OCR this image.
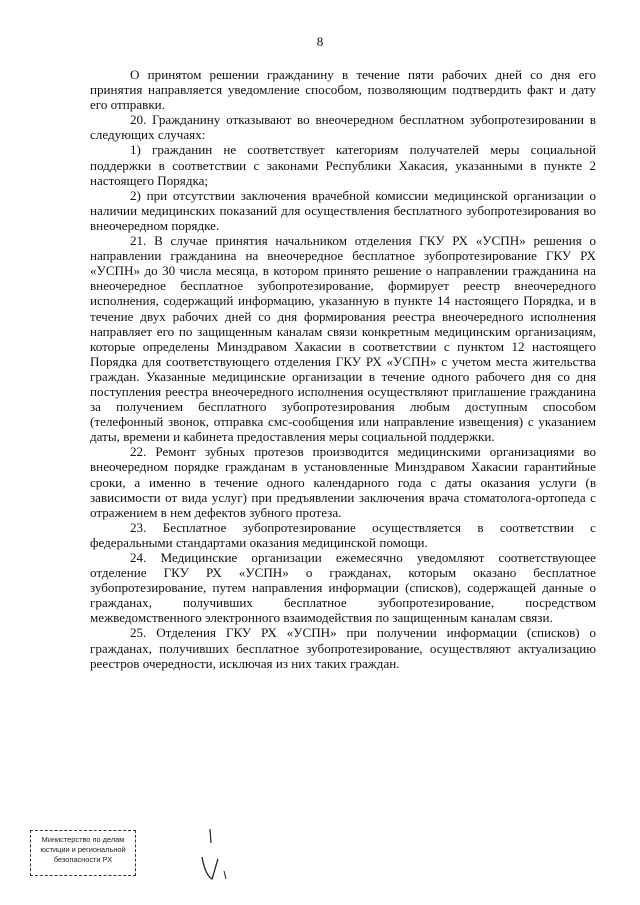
8

О принятом решении гражданину в течение пяти рабочих дней со дня его принятия направляется уведомление способом, позволяющим подтвердить факт и дату его отправки.

20. Гражданину отказывают во внеочередном бесплатном зубопротезировании в следующих случаях:

1) гражданин не соответствует категориям получателей меры социальной поддержки в соответствии с законами Республики Хакасия, указанными в пункте 2 настоящего Порядка;

2) при отсутствии заключения врачебной комиссии медицинской организации о наличии медицинских показаний для осуществления бесплатного зубопротезирования во внеочередном порядке.

21. В случае принятия начальником отделения ГКУ РХ «УСПН» решения о направлении гражданина на внеочередное бесплатное зубопротезирование ГКУ РХ «УСПН» до 30 числа месяца, в котором принято решение о направлении гражданина на внеочередное бесплатное зубопротезирование, формирует реестр внеочередного исполнения, содержащий информацию, указанную в пункте 14 настоящего Порядка, и в течение двух рабочих дней со дня формирования реестра внеочередного исполнения направляет его по защищенным каналам связи конкретным медицинским организациям, которые определены Минздравом Хакасии в соответствии с пунктом 12 настоящего Порядка для соответствующего отделения ГКУ РХ «УСПН» с учетом места жительства граждан. Указанные медицинские организации в течение одного рабочего дня со дня поступления реестра внеочередного исполнения осуществляют приглашение гражданина за получением бесплатного зубопротезирования любым доступным способом (телефонный звонок, отправка смс-сообщения или направление извещения) с указанием даты, времени и кабинета предоставления меры социальной поддержки.

22. Ремонт зубных протезов производится медицинскими организациями во внеочередном порядке гражданам в установленные Минздравом Хакасии гарантийные сроки, а именно в течение одного календарного года с даты оказания услуги (в зависимости от вида услуг) при предъявлении заключения врача стоматолога-ортопеда с отражением в нем дефектов зубного протеза.

23. Бесплатное зубопротезирование осуществляется в соответствии с федеральными стандартами оказания медицинской помощи.

24. Медицинские организации ежемесячно уведомляют соответствующее отделение ГКУ РХ «УСПН» о гражданах, которым оказано бесплатное зубопротезирование, путем направления информации (списков), содержащей данные о гражданах, получивших бесплатное зубопротезирование, посредством межведомственного электронного взаимодействия по защищенным каналам связи.

25. Отделения ГКУ РХ «УСПН» при получении информации (списков) о гражданах, получивших бесплатное зубопротезирование, осуществляют актуализацию реестров очередности, исключая из них таких граждан.

Министерство по делам
юстиции и региональной
безопасности РХ
